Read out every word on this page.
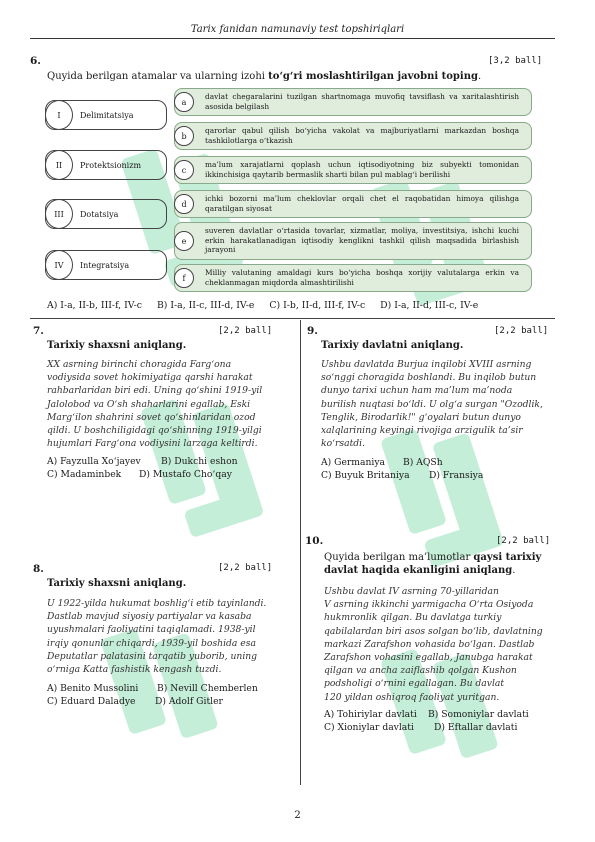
Tarix fanidan namunaviy test topshiriqlari
6.	[3,2 ball]
Quyida berilgan atamalar va ularning izohi to‘g‘ri moslashtirilgan javobni toping.
I	Delimitatsiya
II	Protektsionizm
III	Dotatsiya
IV	Integratsiya
a
davlat chegaralarini tuzilgan shartnomaga muvofiq tavsiflash va xaritalashtirish asosida belgilash
b
qarorlar qabul qilish bo‘yicha vakolat va majburiyatlarni markazdan boshqa tashkilotlarga o‘tkazish
c
ma’lum xarajatlarni qoplash uchun iqtisodiyotning biz subyekti tomonidan ikkinchisiga qaytarib bermaslik sharti bilan pul mablag‘i berilishi
d
ichki bozorni ma’lum cheklovlar orqali chet el raqobatidan himoya qilishga qaratilgan siyosat
e
suveren davlatlar o‘rtasida tovarlar, xizmatlar, moliya, investitsiya, ishchi kuchi erkin harakatlanadigan iqtisodiy kenglikni tashkil qilish maqsadida birlashish jarayoni
f
Milliy valutaning amaldagi kurs bo‘yicha boshqa xorijiy valutalarga erkin va cheklanmagan miqdorda almashtirilishi
A) I-a, II-b, III-f, IV-c B) I-a, II-c, III-d, IV-e C) I-b, II-d, III-f, IV-c D) I-a, II-d, III-c, IV-e
7.	[2,2 ball]
Tarixiy shaxsni aniqlang.
XX asrning birinchi choragida Farg‘ona
vodiysida sovet hokimiyatiga qarshi harakat
rahbarlaridan biri edi. Uning qo‘shini 1919-yil
Jalolobod va O‘sh shaharlarini egallab, Eski
Marg‘ilon shahrini sovet qo‘shinlaridan ozod
qildi. U boshchiligidagi qo‘shinning 1919-yilgi
hujumlari Farg‘ona vodiysini larzaga keltirdi.
A) Fayzulla Xo‘jayev B) Dukchi eshon
C) Madaminbek D) Mustafo Cho‘qay
9.	[2,2 ball]
Tarixiy davlatni aniqlang.
Ushbu davlatda Burjua inqilobi XVIII asrning
so‘nggi choragida boshlandi. Bu inqilob butun
dunyo tarixi uchun ham ma’lum ma’noda
burilish nuqtasi bo‘ldi. U olg‘a surgan "Ozodlik,
Tenglik, Birodarlik!" g‘oyalari butun dunyo
xalqlarining keyingi rivojiga arzigulik ta’sir
ko‘rsatdi.
A) Germaniya B) AQSh
C) Buyuk Britaniya D) Fransiya
8.	[2,2 ball]
Tarixiy shaxsni aniqlang.
U 1922-yilda hukumat boshlig‘i etib tayinlandi.
Dastlab mavjud siyosiy partiyalar va kasaba
uyushmalari faoliyatini taqiqlamadi. 1938-yil
irqiy qonunlar chiqardi, 1939-yil boshida esa
Deputatlar palatasini tarqatib yuborib, uning
o‘rniga Katta fashistik kengash tuzdi.
A) Benito Mussolini B) Nevill Chemberlen
C) Eduard Daladye D) Adolf Gitler
10.	[2,2 ball]
Quyida berilgan ma’lumotlar qaysi tarixiy
davlat haqida ekanligini aniqlang.
Ushbu davlat IV asrning 70-yillaridan
V asrning ikkinchi yarmigacha O‘rta Osiyoda
hukmronlik qilgan. Bu davlatga turkiy
qabilalardan biri asos solgan bo‘lib, davlatning
markazi Zarafshon vohasida bo‘lgan. Dastlab
Zarafshon vohasini egallab, Janubga harakat
qilgan va ancha zaiflashib qolgan Kushon
podsholigi o‘rnini egallagan. Bu davlat
120 yildan oshiqroq faoliyat yuritgan.
A) Tohiriylar davlati B) Somoniylar davlati
C) Xioniylar davlati D) Eftallar davlati
2
